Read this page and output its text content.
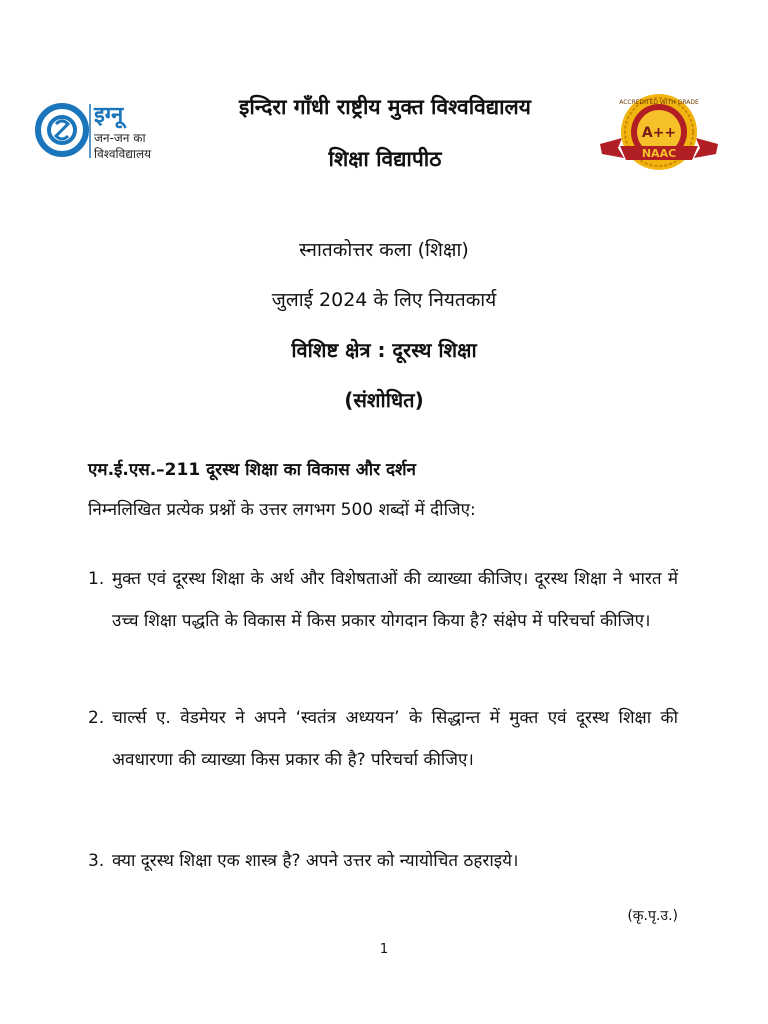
इग्नू
जन-जन का
विश्वविद्यालय
इन्दिरा गाँधी राष्ट्रीय मुक्त विश्वविद्यालय
शिक्षा विद्यापीठ
ACCREDITED WITH GRADE
A++
NAAC
स्नातकोत्तर कला (शिक्षा)
जुलाई 2024 के लिए नियतकार्य
विशिष्ट क्षेत्र : दूरस्थ शिक्षा
(संशोधित)
एम.ई.एस.–211 दूरस्थ शिक्षा का विकास और दर्शन
निम्नलिखित प्रत्येक प्रश्नों के उत्तर लगभग 500 शब्दों में दीजिए:
1. मुक्त एवं दूरस्थ शिक्षा के अर्थ और विशेषताओं की व्याख्या कीजिए। दूरस्थ शिक्षा ने भारत में उच्च शिक्षा पद्धति के विकास में किस प्रकार योगदान किया है? संक्षेप में परिचर्चा कीजिए।
2. चार्ल्स ए. वेडमेयर ने अपने ‘स्वतंत्र अध्ययन’ के सिद्धान्त में मुक्त एवं दूरस्थ शिक्षा की अवधारणा की व्याख्या किस प्रकार की है? परिचर्चा कीजिए।
3. क्या दूरस्थ शिक्षा एक शास्त्र है? अपने उत्तर को न्यायोचित ठहराइये।
(कृ.पृ.उ.)
1
